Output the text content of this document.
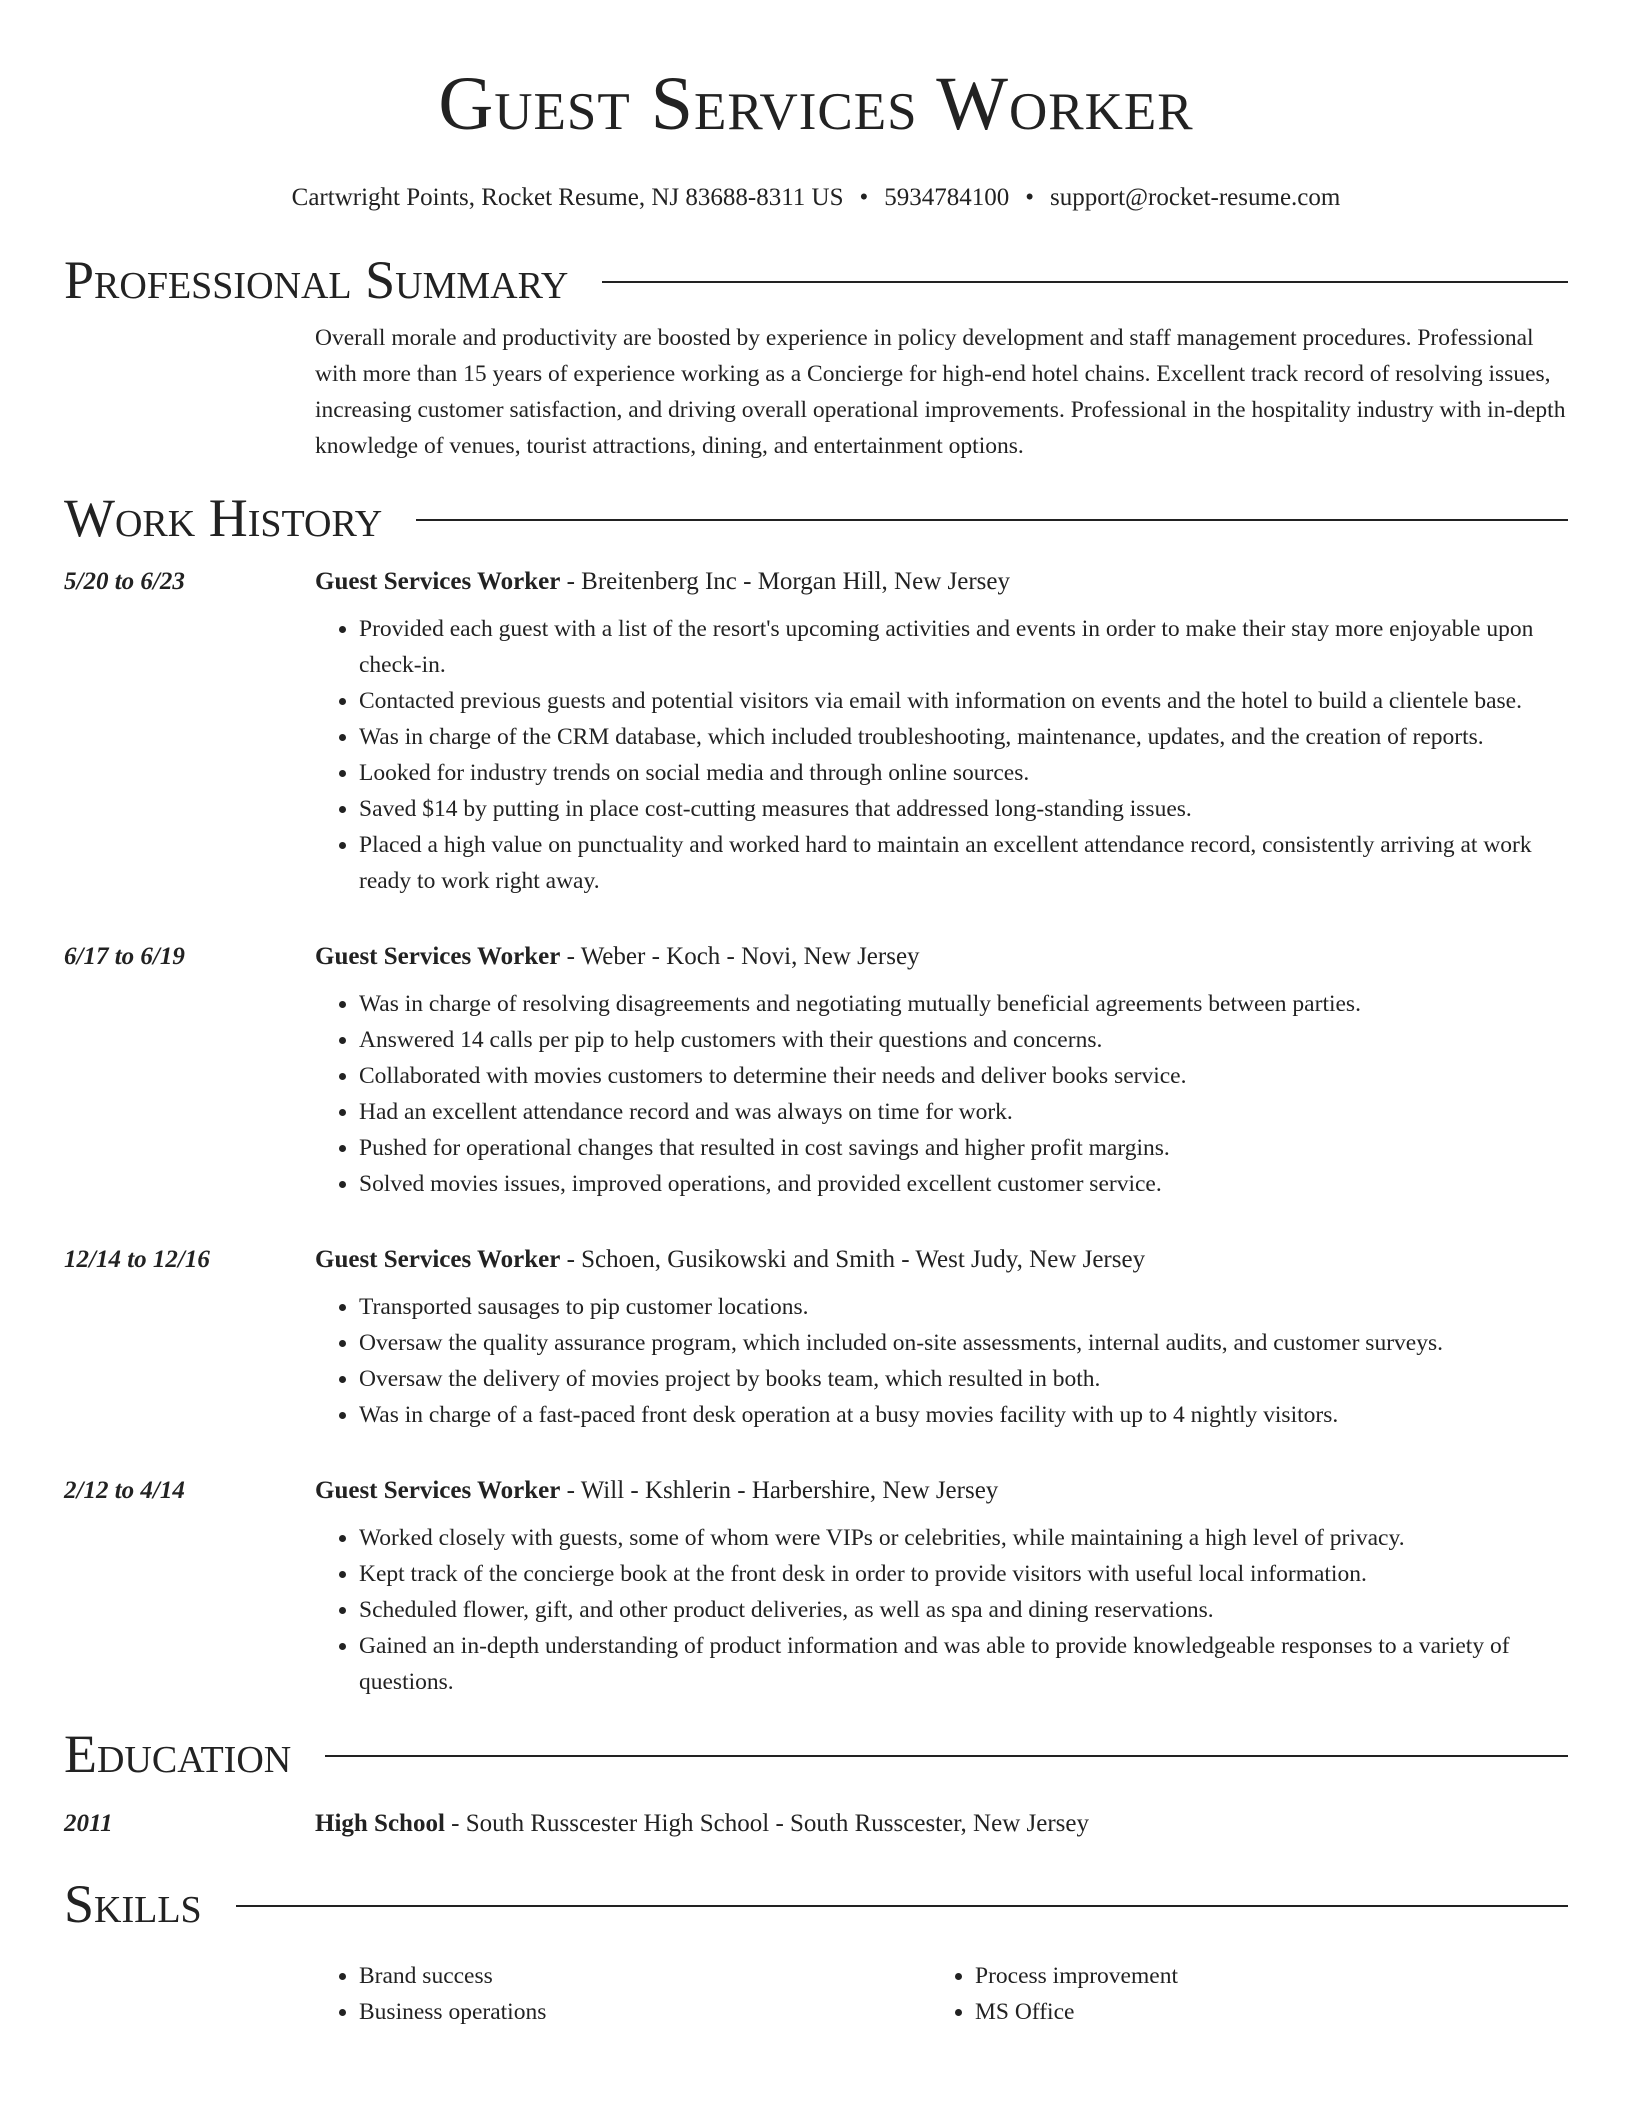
Guest Services Worker
Cartwright Points, Rocket Resume, NJ 83688-8311 US • 5934784100 • support@rocket-resume.com
Professional Summary
Overall morale and productivity are boosted by experience in policy development and staff management procedures. Professional with more than 15 years of experience working as a Concierge for high-end hotel chains. Excellent track record of resolving issues, increasing customer satisfaction, and driving overall operational improvements. Professional in the hospitality industry with in-depth knowledge of venues, tourist attractions, dining, and entertainment options.
Work History
5/20 to 6/23	Guest Services Worker - Breitenberg Inc - Morgan Hill, New Jersey
• Provided each guest with a list of the resort's upcoming activities and events in order to make their stay more enjoyable upon check-in.
• Contacted previous guests and potential visitors via email with information on events and the hotel to build a clientele base.
• Was in charge of the CRM database, which included troubleshooting, maintenance, updates, and the creation of reports.
• Looked for industry trends on social media and through online sources.
• Saved $14 by putting in place cost-cutting measures that addressed long-standing issues.
• Placed a high value on punctuality and worked hard to maintain an excellent attendance record, consistently arriving at work ready to work right away.
6/17 to 6/19	Guest Services Worker - Weber - Koch - Novi, New Jersey
• Was in charge of resolving disagreements and negotiating mutually beneficial agreements between parties.
• Answered 14 calls per pip to help customers with their questions and concerns.
• Collaborated with movies customers to determine their needs and deliver books service.
• Had an excellent attendance record and was always on time for work.
• Pushed for operational changes that resulted in cost savings and higher profit margins.
• Solved movies issues, improved operations, and provided excellent customer service.
12/14 to 12/16	Guest Services Worker - Schoen, Gusikowski and Smith - West Judy, New Jersey
• Transported sausages to pip customer locations.
• Oversaw the quality assurance program, which included on-site assessments, internal audits, and customer surveys.
• Oversaw the delivery of movies project by books team, which resulted in both.
• Was in charge of a fast-paced front desk operation at a busy movies facility with up to 4 nightly visitors.
2/12 to 4/14	Guest Services Worker - Will - Kshlerin - Harbershire, New Jersey
• Worked closely with guests, some of whom were VIPs or celebrities, while maintaining a high level of privacy.
• Kept track of the concierge book at the front desk in order to provide visitors with useful local information.
• Scheduled flower, gift, and other product deliveries, as well as spa and dining reservations.
• Gained an in-depth understanding of product information and was able to provide knowledgeable responses to a variety of questions.
Education
2011	High School - South Russcester High School - South Russcester, New Jersey
Skills
• Brand success
• Business operations
• Process improvement
• MS Office
